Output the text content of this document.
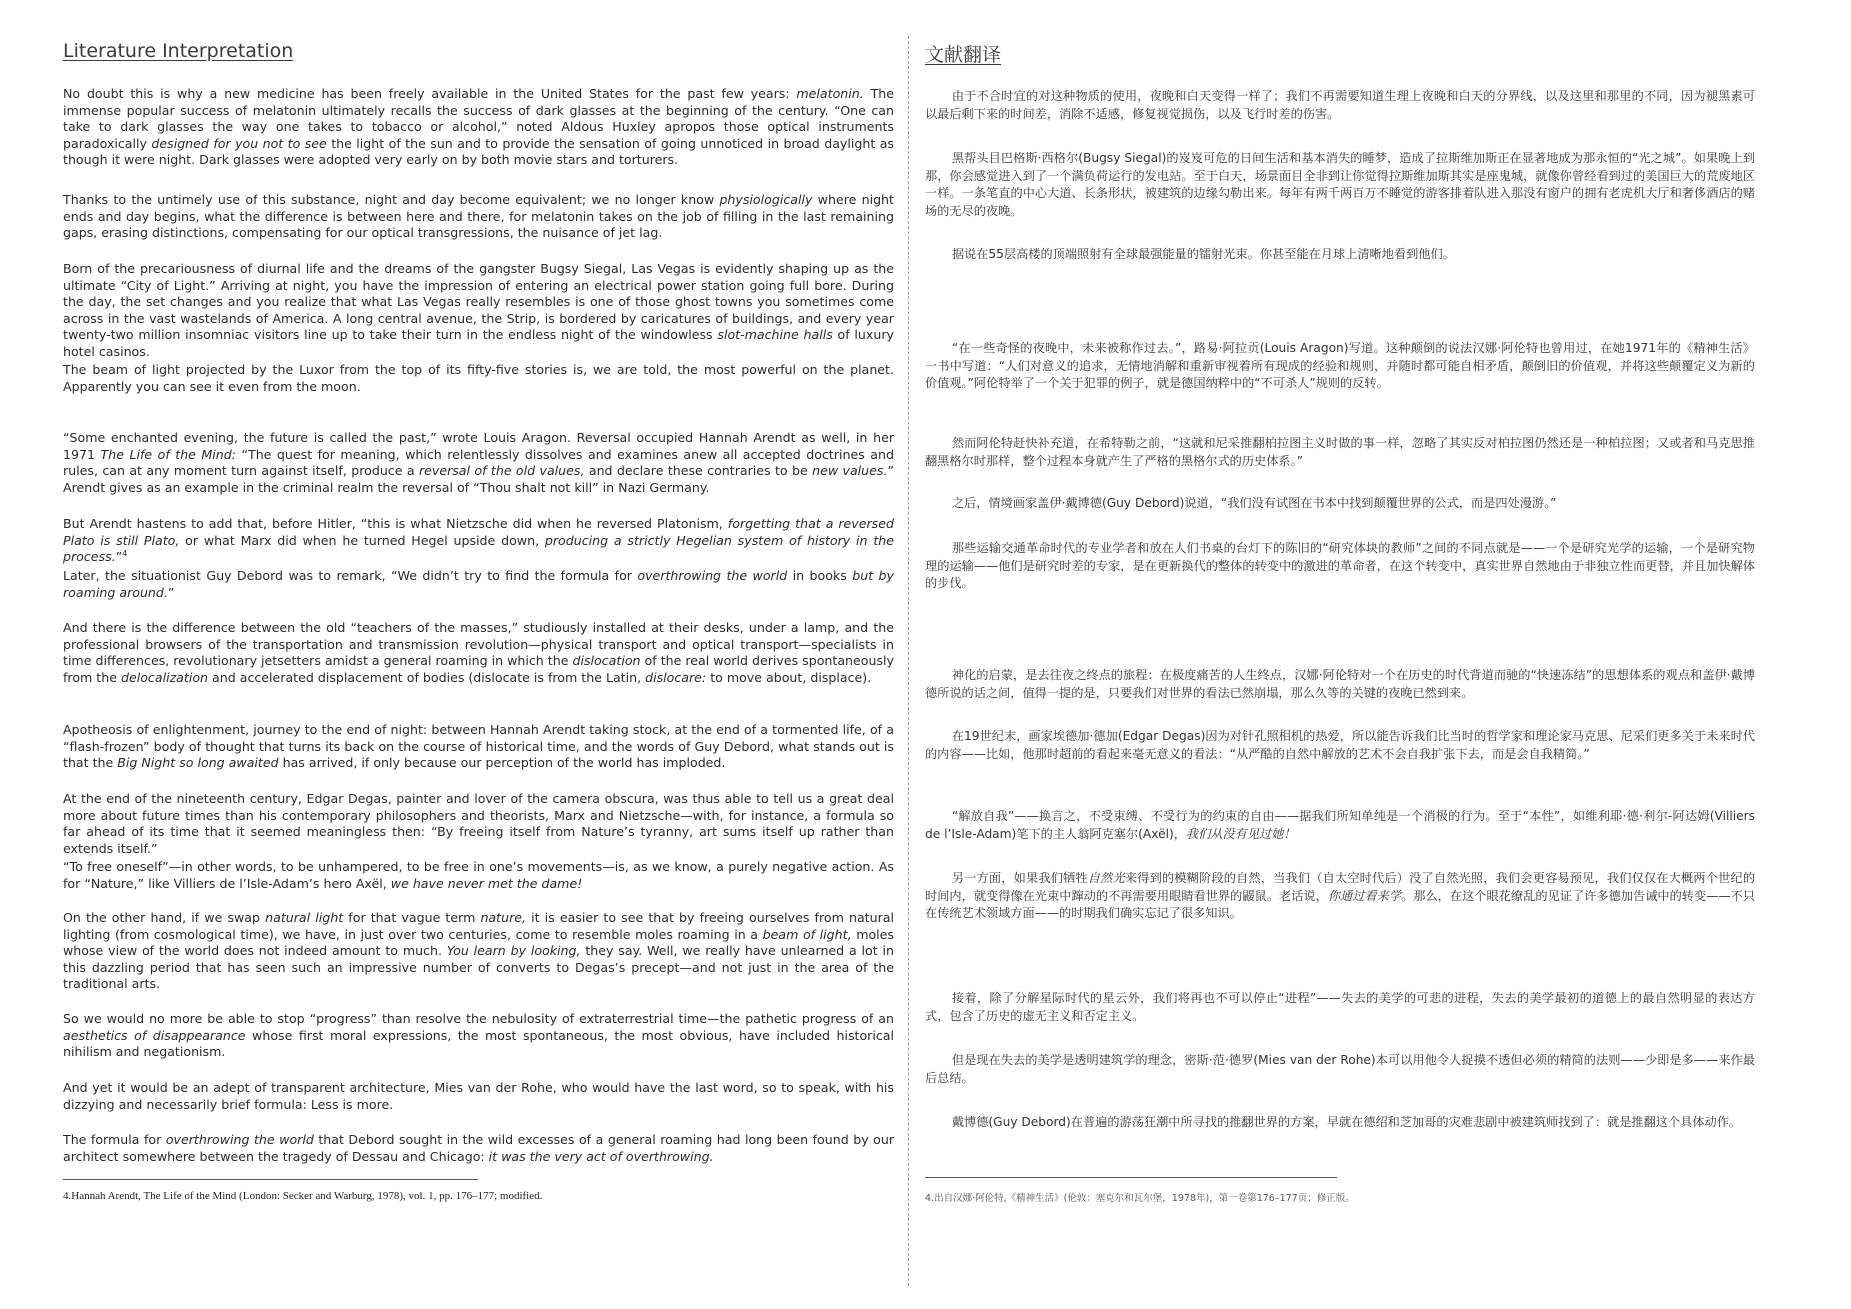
Literature Interpretation

No doubt this is why a new medicine has been freely available in the United States for the past few years: melatonin. The immense popular success of melatonin ultimately recalls the success of dark glasses at the beginning of the century. “One can take to dark glasses the way one takes to tobacco or alcohol,” noted Aldous Huxley apropos those optical instruments paradoxically designed for you not to see the light of the sun and to provide the sensation of going unnoticed in broad daylight as though it were night. Dark glasses were adopted very early on by both movie stars and torturers.

Thanks to the untimely use of this substance, night and day become equivalent; we no longer know physiologically where night ends and day begins, what the difference is between here and there, for melatonin takes on the job of filling in the last remaining gaps, erasing distinctions, compensating for our optical transgressions, the nuisance of jet lag.

Born of the precariousness of diurnal life and the dreams of the gangster Bugsy Siegal, Las Vegas is evidently shaping up as the ultimate “City of Light.” Arriving at night, you have the impression of entering an electrical power station going full bore. During the day, the set changes and you realize that what Las Vegas really resembles is one of those ghost towns you sometimes come across in the vast wastelands of America. A long central avenue, the Strip, is bordered by caricatures of buildings, and every year twenty-two million insomniac visitors line up to take their turn in the endless night of the windowless slot-machine halls of luxury hotel casinos.

The beam of light projected by the Luxor from the top of its fifty-five stories is, we are told, the most powerful on the planet. Apparently you can see it even from the moon.

“Some enchanted evening, the future is called the past,” wrote Louis Aragon. Reversal occupied Hannah Arendt as well, in her 1971 The Life of the Mind: “The quest for meaning, which relentlessly dissolves and examines anew all accepted doctrines and rules, can at any moment turn against itself, produce a reversal of the old values, and declare these contraries to be new values.” Arendt gives as an example in the criminal realm the reversal of “Thou shalt not kill” in Nazi Germany.

But Arendt hastens to add that, before Hitler, “this is what Nietzsche did when he reversed Platonism, forgetting that a reversed Plato is still Plato, or what Marx did when he turned Hegel upside down, producing a strictly Hegelian system of history in the process.”$^4$

Later, the situationist Guy Debord was to remark, “We didn’t try to find the formula for overthrowing the world in books but by roaming around.”

And there is the difference between the old “teachers of the masses,” studiously installed at their desks, under a lamp, and the professional browsers of the transportation and transmission revolution—physical transport and optical transport—specialists in time differences, revolutionary jetsetters amidst a general roaming in which the dislocation of the real world derives spontaneously from the delocalization and accelerated displacement of bodies (dislocate is from the Latin, dislocare: to move about, displace).

Apotheosis of enlightenment, journey to the end of night: between Hannah Arendt taking stock, at the end of a tormented life, of a “flash-frozen” body of thought that turns its back on the course of historical time, and the words of Guy Debord, what stands out is that the Big Night so long awaited has arrived, if only because our perception of the world has imploded.

At the end of the nineteenth century, Edgar Degas, painter and lover of the camera obscura, was thus able to tell us a great deal more about future times than his contemporary philosophers and theorists, Marx and Nietzsche—with, for instance, a formula so far ahead of its time that it seemed meaningless then: “By freeing itself from Nature’s tyranny, art sums itself up rather than extends itself.”

“To free oneself”—in other words, to be unhampered, to be free in one’s movements—is, as we know, a purely negative action. As for “Nature,” like Villiers de l’Isle-Adam’s hero Axël, we have never met the dame!

On the other hand, if we swap natural light for that vague term nature, it is easier to see that by freeing ourselves from natural lighting (from cosmological time), we have, in just over two centuries, come to resemble moles roaming in a beam of light, moles whose view of the world does not indeed amount to much. You learn by looking, they say. Well, we really have unlearned a lot in this dazzling period that has seen such an impressive number of converts to Degas’s precept—and not just in the area of the traditional arts.

So we would no more be able to stop “progress” than resolve the nebulosity of extraterrestrial time—the pathetic progress of an aesthetics of disappearance whose first moral expressions, the most spontaneous, the most obvious, have included historical nihilism and negationism.

And yet it would be an adept of transparent architecture, Mies van der Rohe, who would have the last word, so to speak, with his dizzying and necessarily brief formula: Less is more.

The formula for overthrowing the world that Debord sought in the wild excesses of a general roaming had long been found by our architect somewhere between the tragedy of Dessau and Chicago: it was the very act of overthrowing.

4.Hannah Arendt, The Life of the Mind (London: Secker and Warburg, 1978), vol. 1, pp. 176–177; modified.
文献翻译

由于不合时宜的对这种物质的使用，夜晚和白天变得一样了；我们不再需要知道生理上夜晚和白天的分界线，以及这里和那里的不同，因为褪黑素可以最后剩下来的时间差，消除不适感，修复视觉损伤，以及飞行时差的伤害。

黑帮头目巴格斯·西格尔(Bugsy Siegal)的岌岌可危的日间生活和基本消失的睡梦，造成了拉斯维加斯正在显著地成为那永恒的“光之城”。如果晚上到那，你会感觉进入到了一个满负荷运行的发电站。至于白天，场景面目全非到让你觉得拉斯维加斯其实是座鬼城，就像你曾经看到过的美国巨大的荒废地区一样。一条笔直的中心大道、长条形状，被建筑的边缘勾勒出来。每年有两千两百万不睡觉的游客排着队进入那没有窗户的拥有老虎机大厅和奢侈酒店的赌场的无尽的夜晚。

据说在55层高楼的顶端照射有全球最强能量的镭射光束。你甚至能在月球上清晰地看到他们。

“在一些奇怪的夜晚中，未来被称作过去。”，路易·阿拉贡(Louis Aragon)写道。这种颠倒的说法汉娜·阿伦特也曾用过，在她1971年的《精神生活》一书中写道：“人们对意义的追求，无情地消解和重新审视着所有现成的经验和规则，并随时都可能自相矛盾，颠倒旧的价值观，并将这些颠覆定义为新的价值观。”阿伦特举了一个关于犯罪的例子，就是德国纳粹中的“不可杀人”规则的反转。

然而阿伦特赶快补充道，在希特勒之前，“这就和尼采推翻柏拉图主义时做的事一样，忽略了其实反对柏拉图仍然还是一种柏拉图；又或者和马克思推翻黑格尔时那样，整个过程本身就产生了严格的黑格尔式的历史体系。”

之后，情境画家盖伊·戴博德(Guy Debord)说道，“我们没有试图在书本中找到颠覆世界的公式，而是四处漫游。”

那些运输交通革命时代的专业学者和放在人们书桌的台灯下的陈旧的“研究体块的教师”之间的不同点就是——一个是研究光学的运输，一个是研究物理的运输——他们是研究时差的专家，是在更新换代的整体的转变中的激进的革命者，在这个转变中，真实世界自然地由于非独立性而更替，并且加快解体的步伐。

神化的启蒙，是去往夜之终点的旅程：在极度痛苦的人生终点，汉娜·阿伦特对一个在历史的时代背道而驰的“快速冻结”的思想体系的观点和盖伊·戴博德所说的话之间，值得一提的是，只要我们对世界的看法已然崩塌，那么久等的关键的夜晚已然到来。

在19世纪末，画家埃德加·德加(Edgar Degas)因为对针孔照相机的热爱，所以能告诉我们比当时的哲学家和理论家马克思、尼采们更多关于未来时代的内容——比如，他那时超前的看起来毫无意义的看法：“从严酷的自然中解放的艺术不会自我扩张下去，而是会自我精简。”

“解放自我”——换言之，不受束缚、不受行为的约束的自由——据我们所知单纯是一个消极的行为。至于“本性”，如维利耶·德·利尔-阿达姆(Villiers de l’Isle-Adam)笔下的主人翁阿克塞尔(Axël)，我们从没有见过她！

另一方面，如果我们牺牲自然光来得到的模糊阶段的自然，当我们（自太空时代后）没了自然光照，我们会更容易预见，我们仅仅在大概两个世纪的时间内，就变得像在光束中蹿动的不再需要用眼睛看世界的鼹鼠。老话说，你通过看来学。那么，在这个眼花缭乱的见证了许多德加告诫中的转变——不只在传统艺术领域方面——的时期我们确实忘记了很多知识。

接着，除了分解星际时代的星云外，我们将再也不可以停止“进程”——失去的美学的可悲的进程，失去的美学最初的道德上的最自然明显的表达方式，包含了历史的虚无主义和否定主义。

但是现在失去的美学是透明建筑学的理念，密斯·范·德罗(Mies van der Rohe)本可以用他令人捉摸不透但必须的精简的法则——少即是多——来作最后总结。

戴博德(Guy Debord)在普遍的游荡狂潮中所寻找的推翻世界的方案，早就在德绍和芝加哥的灾难悲剧中被建筑师找到了：就是推翻这个具体动作。

4.出自汉娜·阿伦特,《精神生活》(伦敦：塞克尔和瓦尔堡，1978年)，第一卷第176–177页；修正版。
